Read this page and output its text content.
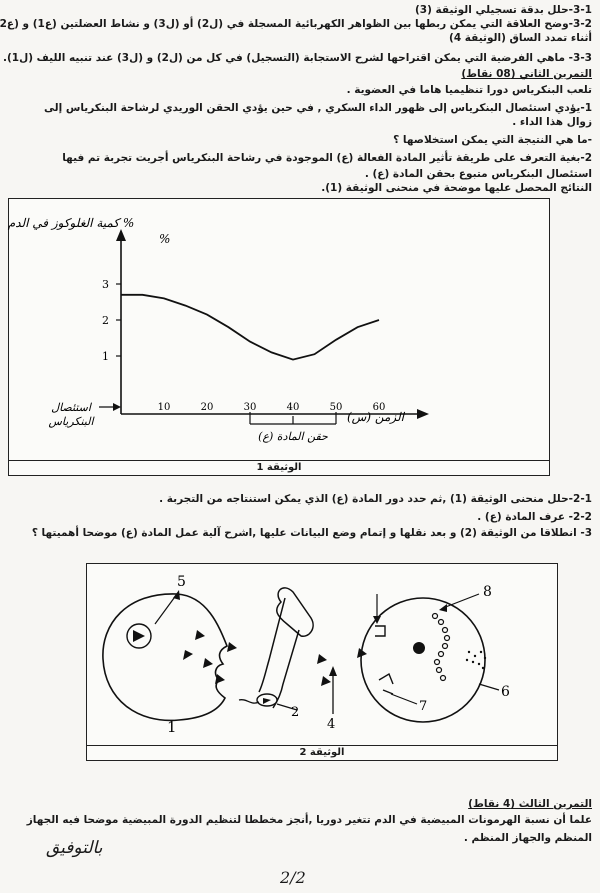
3-1-حلل بدقة تسجيلي الوثيقة (3)
3-2-وضح العلاقة التي يمكن ربطها بين الظواهر الكهربائية المسجلة في (ل2) أو (ل3) و نشاط العضلتين (ع1) و (ع2
أثناء تمدد الساق (الوثيقة 4)
3-3- ماهي الفرضية التي يمكن اقتراحها لشرح الاستجابة (التسجيل) في كل من (ل2) و (ل3) عند تنبيه الليف (ل1).
التمرين الثاني (08 نقاط)
تلعب البنكرياس دورا تنظيميا هاما في العضوية .
1-يؤدي استئصال البنكرياس إلى ظهور الداء السكري , في حين يؤدي الحقن الوريدي لرشاحة البنكرياس إلى
زوال هذا الداء .
-ما هي النتيجة التي يمكن استخلاصها ؟
2-بغية التعرف على طريقة تأثير المادة الفعالة (ع) الموجودة في رشاحة البنكرياس أجريت تجربة تم فيها
استئصال البنكرياس متبوع بحقن المادة (ع) .
النتائج المحصل عليها موضحة في منحنى الوثيقة (1).
كمية الغلوكوز في الدم %
%
الزمن (س)
3
2
1
10	20	30	40	50	60
استئصال
البنكرياس
حقن المادة (ع)
الوثيقة 1
2-1-حلل منحنى الوثيقة (1) ,ثم حدد دور المادة (ع) الذي يمكن استنتاجه من التجربة .
2-2- عرف المادة (ع) .
3- انطلاقا من الوثيقة (2) و بعد نقلها و إتمام وضع البيانات عليها ,اشرح آلية عمل المادة (ع) موضحا أهميتها ؟
5
2
4
8
6
7
1
الوثيقة 2
التمرين الثالث (4 نقاط)
علما أن نسبة الهرمونات المبيضية في الدم تتغير دوريا ,أنجز مخططا لتنظيم الدورة المبيضية موضحا فيه الجهاز
المنظم والجهاز المنظم .
بالتوفيق
2/2
